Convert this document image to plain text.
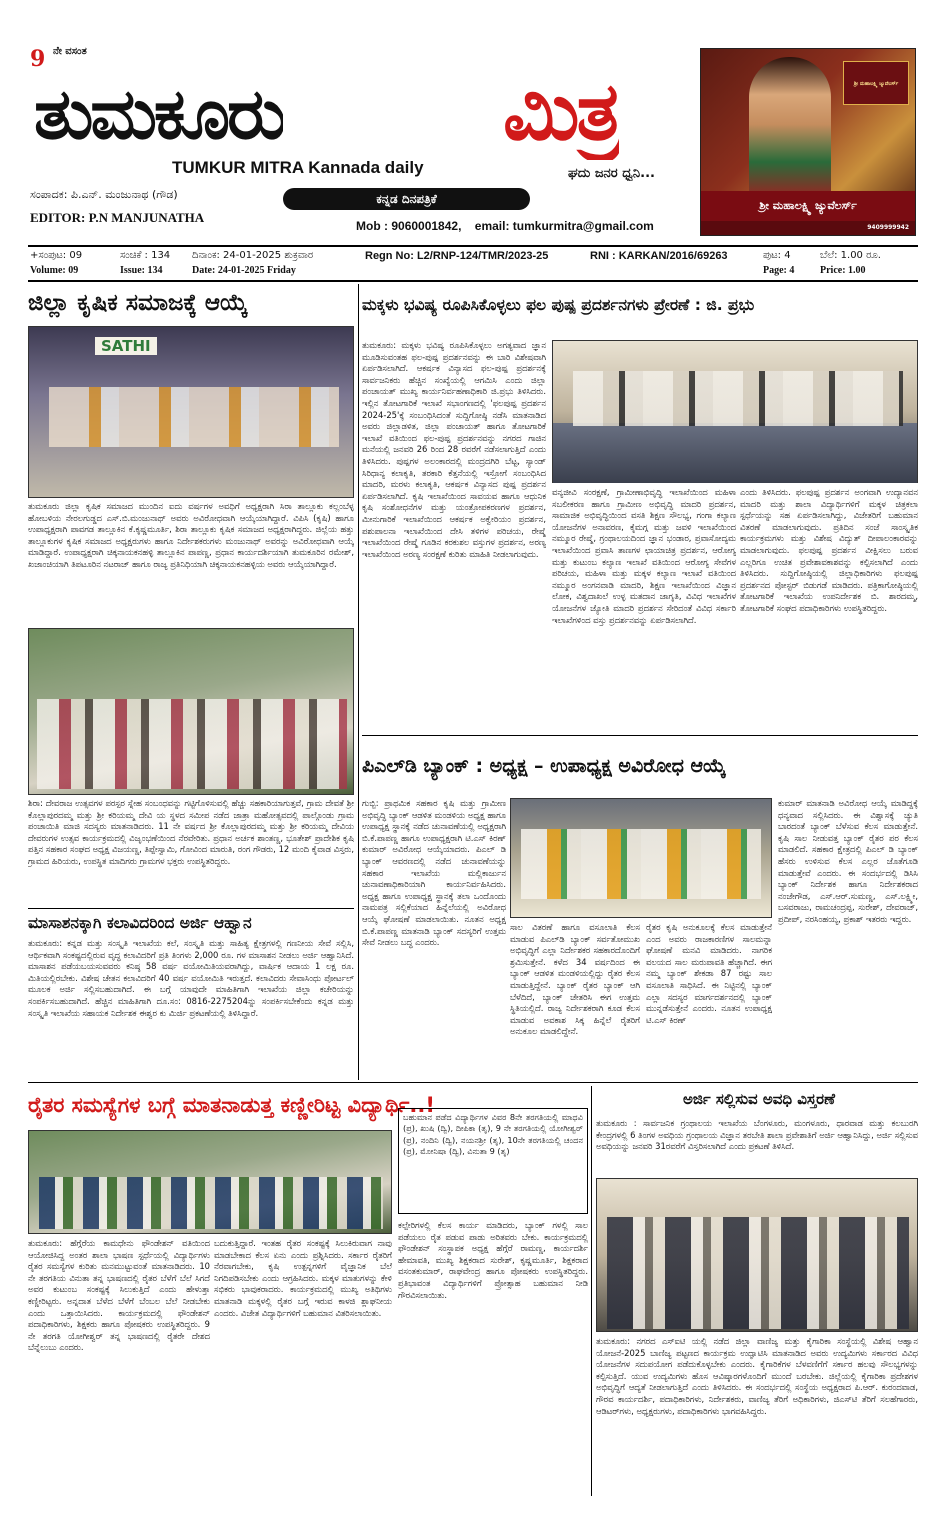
9 $^{ನೇ ವಸಂತ}$
ತುಮಕೂರು	ಮಿತ್ರ
TUMKUR MITRA Kannada daily	ಘದು ಜನರ ಧ್ವನಿ...
ಸಂಪಾದಕ: ಪಿ.ಎನ್. ಮಂಜುನಾಥ (ಗೌಡ)	ಕನ್ನಡ ದಿನಪತ್ರಿಕೆ
EDITOR: P.N MANJUNATHA
Mob : 9060001842, email: tumkurmitra@gmail.com
ಶ್ರೀ ಮಹಾಲಕ್ಷ್ಮಿ ಜ್ಯುವೆಲರ್ಸ್
ಶ್ರೀ ಮಹಾಲಕ್ಷ್ಮಿ ಜ್ಯುವೆಲರ್ಸ್
9409999942
+ಸಂಪುಟ: 09	ಸಂಚಿಕೆ : 134 ದಿನಾಂಕ: 24-01-2025 ಶುಕ್ರವಾರ	Regn No: L2/RNP-124/TMR/2023-25	RNI : KARKAN/2016/69263	ಪುಟ: 4	ಬೆಲೆ: 1.00 ರೂ.
Volume: 09	Issue: 134	Date: 24-01-2025 Friday	Page: 4	Price: 1.00
ಜಿಲ್ಲಾ ಕೃಷಿಕ ಸಮಾಜಕ್ಕೆ ಆಯ್ಕೆ
SATHI
ತುಮಕೂರು ಜಿಲ್ಲಾ ಕೃಷಿಕ ಸಮಾಜದ ಮುಂದಿನ ಐದು ವರ್ಷಗಳ ಅವಧಿಗೆ ಅಧ್ಯಕ್ಷರಾಗಿ ಸಿರಾ ತಾಲ್ಲೂಕು ಕಲ್ಲಂಬೆಳ್ಳ ಹೋಬಳಿಯ ನೇರಲಗುಡ್ಡದ ಎಸ್.ಬಿ.ಮಂಜುನಾಥ್ ಅವರು ಅವಿರೋಧವಾಗಿ ಆಯ್ಕೆಯಾಗಿದ್ದಾರೆ. ವಿಪಿಸಿ (ಕೃಷಿ) ಹಾಗೂ ಉಪಾಧ್ಯಕ್ಷರಾಗಿ ಪಾವಗಡ ತಾಲ್ಲೂಕಿನ ಕೆ.ಕೃಷ್ಣಮೂರ್ತಿ, ಶಿರಾ ತಾಲ್ಲೂಕು ಕೃಷಿಕ ಸಮಾಜದ ಅಧ್ಯಕ್ಷರಾಗಿದ್ದರು. ಜಿಲ್ಲೆಯ ಹತ್ತು ತಾಲ್ಲೂಕುಗಳ ಕೃಷಿಕ ಸಮಾಜದ ಅಧ್ಯಕ್ಷರುಗಳು ಹಾಗೂ ನಿರ್ದೇಶಕರುಗಳು ಮಂಜುನಾಥ್ ಅವರನ್ನು ಅವಿರೋಧವಾಗಿ ಆಯ್ಕೆ ಮಾಡಿದ್ದಾರೆ. ಉಪಾಧ್ಯಕ್ಷರಾಗಿ ಚಿಕ್ಕನಾಯಕನಹಳ್ಳಿ ತಾಲ್ಲೂಕಿನ ಪಾಪಣ್ಣ, ಪ್ರಧಾನ ಕಾರ್ಯದರ್ಶಿಯಾಗಿ ತುಮಕೂರಿನ ರಮೇಶ್, ಖಜಾಂಚಿಯಾಗಿ ತಿಪಟೂರಿನ ನಟರಾಜ್ ಹಾಗೂ ರಾಜ್ಯ ಪ್ರತಿನಿಧಿಯಾಗಿ ಚಿಕ್ಕನಾಯಕನಹಳ್ಳಿಯ ಅವರು ಆಯ್ಕೆಯಾಗಿದ್ದಾರೆ.
ಶಿರಾ: ದೇವರಾಜ ಉತ್ಸವಗಳ ಪರಸ್ಪರ ಸ್ನೇಹ ಸಂಬಂಧವನ್ನು ಗಟ್ಟಿಗೊಳಿಸುವಲ್ಲಿ ಹೆಚ್ಚು ಸಹಕಾರಿಯಾಗುತ್ತವೆ, ಗ್ರಾಮ ದೇವತೆ ಶ್ರೀ ಕೊಲ್ಲಾಪುರದಮ್ಮ ಮತ್ತು ಶ್ರೀ ಕರಿಯಮ್ಮ ದೇವಿ ಯ ಸ್ಥಳದ ಸಮೀಪ ನಡೆದ ಜಾತ್ರಾ ಮಹೋತ್ಸವದಲ್ಲಿ ಪಾಲ್ಗೊಂಡು ಗ್ರಾಮ ಪಂಚಾಯಿತಿ ಮಾಜಿ ಸದಸ್ಯರು ಮಾತನಾಡಿದರು. 11 ನೇ ವರ್ಷದ ಶ್ರೀ ಕೊಲ್ಲಾಪುರದಮ್ಮ ಮತ್ತು ಶ್ರೀ ಕರಿಯಮ್ಮ ದೇವಿಯ ದೇವರುಗಳ ಉತ್ಸವ ಕಾರ್ಯಕ್ರಮದಲ್ಲಿ ವಿಜೃಂಭಣೆಯಿಂದ ನೆರವೇರಿತು. ಪ್ರಧಾನ ಅರ್ಚಕ ಶಾಂತಣ್ಣ, ಭೂತೇಶ್ ಪ್ರಾದೇಶಿಕ ಕೃಷಿ ಪತ್ತಿನ ಸಹಕಾರ ಸಂಘದ ಅಧ್ಯಕ್ಷ ವಿಜಯಣ್ಣ, ತಿಪ್ಪೇಸ್ವಾಮಿ, ಗೋವಿಂದ ಮಾರುತಿ, ರಂಗ ಗೌಡರು, 12 ಮಂದಿ ಕೈವಾಡ ವಿಸ್ತರು, ಗ್ರಾಮದ ಹಿರಿಯರು, ಉಪಸ್ಥಿತ ಮಾದಿಗರು ಗ್ರಾಮಗಳ ಭಕ್ತರು ಉಪಸ್ಥಿತರಿದ್ದರು.
ಮಾಸಾಶನಕ್ಕಾಗಿ ಕಲಾವಿದರಿಂದ ಅರ್ಜಿ ಆಹ್ವಾನ
ತುಮಕೂರು: ಕನ್ನಡ ಮತ್ತು ಸಂಸ್ಕೃತಿ ಇಲಾಖೆಯ ಕಲೆ, ಸಂಸ್ಕೃತಿ ಮತ್ತು ಸಾಹಿತ್ಯ ಕ್ಷೇತ್ರಗಳಲ್ಲಿ ಗಣನೀಯ ಸೇವೆ ಸಲ್ಲಿಸಿ, ಆರ್ಥಿಕವಾಗಿ ಸಂಕಷ್ಟದಲ್ಲಿರುವ ವೃದ್ಧ ಕಲಾವಿದರಿಗೆ ಪ್ರತಿ ತಿಂಗಳು 2,000 ರೂ. ಗಳ ಮಾಸಾಶನ ನೀಡಲು ಅರ್ಜಿ ಆಹ್ವಾನಿಸಿದೆ. ಮಾಸಾಶನ ಪಡೆಯಬಯಸುವವರು ಕನಿಷ್ಠ 58 ವರ್ಷ ವಯೋಮಿತಿಯವರಾಗಿದ್ದು, ವಾರ್ಷಿಕ ಆದಾಯ 1 ಲಕ್ಷ ರೂ. ಮಿತಿಯಲ್ಲಿರಬೇಕು. ವಿಶೇಷ ಚೇತನ ಕಲಾವಿದರಿಗೆ 40 ವರ್ಷ ವಯೋಮಿತಿ ಇರುತ್ತದೆ. ಕಲಾವಿದರು ಸೇವಾಸಿಂಧು ಪೋರ್ಟಲ್ ಮೂಲಕ ಅರ್ಜಿ ಸಲ್ಲಿಸಬಹುದಾಗಿದೆ. ಈ ಬಗ್ಗೆ ಯಾವುದೇ ಮಾಹಿತಿಗಾಗಿ ಇಲಾಖೆಯ ಜಿಲ್ಲಾ ಕಚೇರಿಯನ್ನು ಸಂಪರ್ಕಿಸಬಹುದಾಗಿದೆ. ಹೆಚ್ಚಿನ ಮಾಹಿತಿಗಾಗಿ ದೂ.ಸಂ: 0816-2275204ನ್ನು ಸಂಪರ್ಕಿಸಬೇಕೆಂದು ಕನ್ನಡ ಮತ್ತು ಸಂಸ್ಕೃತಿ ಇಲಾಖೆಯ ಸಹಾಯಕ ನಿರ್ದೇಶಕ ಈಶ್ವರ ಕು ಮಿರ್ಜಿ ಪ್ರಕಟಣೆಯಲ್ಲಿ ತಿಳಿಸಿದ್ದಾರೆ.
ಮಕ್ಕಳು ಭವಿಷ್ಯ ರೂಪಿಸಿಕೊಳ್ಳಲು ಫಲ ಪುಷ್ಪ ಪ್ರದರ್ಶನಗಳು ಪ್ರೇರಣೆ : ಜಿ. ಪ್ರಭು
ತುಮಕೂರು: ಮಕ್ಕಳು ಭವಿಷ್ಯ ರೂಪಿಸಿಕೊಳ್ಳಲು ಅಗತ್ಯವಾದ ಜ್ಞಾನ ಮೂಡಿಸುವಂತಹ ಫಲ-ಪುಷ್ಪ ಪ್ರದರ್ಶನವನ್ನು ಈ ಬಾರಿ ವಿಶೇಷವಾಗಿ ಏರ್ಪಡಿಸಲಾಗಿದೆ. ಆಕರ್ಷಕ ವಿನ್ಯಾಸದ ಫಲ-ಪುಷ್ಪ ಪ್ರದರ್ಶನಕ್ಕೆ ಸಾರ್ವಜನಿಕರು ಹೆಚ್ಚಿನ ಸಂಖ್ಯೆಯಲ್ಲಿ ಆಗಮಿಸಿ ಎಂದು ಜಿಲ್ಲಾ ಪಂಚಾಯತ್ ಮುಖ್ಯ ಕಾರ್ಯನಿರ್ವಹಣಾಧಿಕಾರಿ ಜಿ.ಪ್ರಭು ತಿಳಿಸಿದರು. ಇಲ್ಲಿನ ತೋಟಗಾರಿಕೆ ಇಲಾಖೆ ಸಭಾಂಗಣದಲ್ಲಿ 'ಫಲಪುಷ್ಪ ಪ್ರದರ್ಶನ 2024-25'ಕ್ಕೆ ಸಂಬಂಧಿಸಿದಂತೆ ಸುದ್ದಿಗೋಷ್ಠಿ ನಡೆಸಿ ಮಾತನಾಡಿದ ಅವರು ಜಿಲ್ಲಾಡಳಿತ, ಜಿಲ್ಲಾ ಪಂಚಾಯತ್ ಹಾಗೂ ತೋಟಗಾರಿಕೆ ಇಲಾಖೆ ವತಿಯಿಂದ ಫಲ-ಪುಷ್ಪ ಪ್ರದರ್ಶನವನ್ನು ನಗರದ ಗಾಜಿನ ಮನೆಯಲ್ಲಿ ಜನವರಿ 26 ರಿಂದ 28 ರವರೆಗೆ ನಡೆಸಲಾಗುತ್ತಿದೆ ಎಂದು ತಿಳಿಸಿದರು. ಪುಷ್ಪಗಳ ಅಲಂಕಾರದಲ್ಲಿ ಮಂದ್ರದಗಿರಿ ಬೆಟ್ಟ, ಸ್ಯಾಂಡ್ ಸಿರಿಧಾನ್ಯ ಕಲಾಕೃತಿ, ತರಕಾರಿ ಕೆತ್ತನೆಯಲ್ಲಿ ಇಸ್ರೋಗೆ ಸಂಬಂಧಿಸಿದ ಮಾದರಿ, ಮರಳು ಕಲಾಕೃತಿ, ಆಕರ್ಷಕ ವಿನ್ಯಾಸದ ಪುಷ್ಪ ಪ್ರದರ್ಶನ ಏರ್ಪಡಿಸಲಾಗಿದೆ. ಕೃಷಿ ಇಲಾಖೆಯಿಂದ ಸಾವಯವ ಹಾಗೂ ಆಧುನಿಕ ಕೃಷಿ ಸಂಶೋಧನೆಗಳ ಮತ್ತು ಯಂತ್ರೋಪಕರಣಗಳ ಪ್ರದರ್ಶನ, ಮೀನುಗಾರಿಕೆ ಇಲಾಖೆಯಿಂದ ಆಕರ್ಷಕ ಅಕ್ವೇರಿಯಂ ಪ್ರದರ್ಶನ, ಪಶುಪಾಲನಾ ಇಲಾಖೆಯಿಂದ ದೇಸಿ ತಳಿಗಳ ಪರಿಚಯ, ರೇಷ್ಮೆ ಇಲಾಖೆಯಿಂದ ರೇಷ್ಮೆ ಗೂಡಿನ ಕರಕುಶಲ ವಸ್ತುಗಳ ಪ್ರದರ್ಶನ, ಅರಣ್ಯ ಇಲಾಖೆಯಿಂದ ಅರಣ್ಯ ಸಂರಕ್ಷಣೆ ಕುರಿತು ಮಾಹಿತಿ ನೀಡಲಾಗುವುದು.
ವನ್ಯಜೀವಿ ಸಂರಕ್ಷಣೆ, ಗ್ರಾಮೀಣಾಭಿವೃದ್ಧಿ ಇಲಾಖೆಯಿಂದ ಮಹಿಳಾ ಸಬಲೀಕರಣ ಹಾಗೂ ಗ್ರಾಮೀಣ ಅಭಿವೃದ್ಧಿ ಮಾದರಿ ಪ್ರದರ್ಶನ, ಸಾಮಾಜಿಕ ಅಭಿವೃದ್ಧಿಯಿಂದ ವಸತಿ ಶಿಕ್ಷಣ ಸೌಲಭ್ಯ, ಗಂಗಾ ಕಲ್ಯಾಣ ಯೋಜನೆಗಳ ಅನಾವರಣ, ಕೈಮಗ್ಗ ಮತ್ತು ಜವಳಿ ಇಲಾಖೆಯಿಂದ ನಮ್ಮೂರ ರೇಷ್ಮೆ, ಗ್ರಂಥಾಲಯದಿಂದ ಜ್ಞಾನ ಭಂಡಾರ, ಪ್ರವಾಸೋದ್ಯಮ ಇಲಾಖೆಯಿಂದ ಪ್ರವಾಸಿ ತಾಣಗಳ ಛಾಯಾಚಿತ್ರ ಪ್ರದರ್ಶನ, ಆರೋಗ್ಯ ಮತ್ತು ಕುಟುಂಬ ಕಲ್ಯಾಣ ಇಲಾಖೆ ವತಿಯಿಂದ ಆರೋಗ್ಯ ಸೇವೆಗಳ ಪರಿಚಯ, ಮಹಿಳಾ ಮತ್ತು ಮಕ್ಕಳ ಕಲ್ಯಾಣ ಇಲಾಖೆ ವತಿಯಿಂದ ನಮ್ಮೂರ ಅಂಗನವಾಡಿ ಮಾದರಿ, ಶಿಕ್ಷಣ ಇಲಾಖೆಯಿಂದ ವಿಜ್ಞಾನ ಲೋಕ, ವಿಶ್ವದಾಖಲೆ ಉಳ್ಳ ಮತದಾನ ಜಾಗೃತಿ, ವಿವಿಧ ಇಲಾಖೆಗಳ ಯೋಜನೆಗಳ ಜ್ಯೋತಿ ಮಾದರಿ ಪ್ರದರ್ಶನ ಸೇರಿದಂತೆ ವಿವಿಧ ಸರ್ಕಾರಿ ಇಲಾಖೆಗಳಿಂದ ವಸ್ತು ಪ್ರದರ್ಶನವನ್ನು ಏರ್ಪಡಿಸಲಾಗಿದೆ.
ಎಂದು ತಿಳಿಸಿದರು. ಫಲಪುಷ್ಪ ಪ್ರದರ್ಶನ ಅಂಗವಾಗಿ ಉದ್ಯಾನವನ ಮಾದರಿ ಮತ್ತು ಶಾಲಾ ವಿದ್ಯಾರ್ಥಿಗಳಿಗೆ ಮಕ್ಕಳ ಚಿತ್ರಕಲಾ ಸ್ಪರ್ಧೆಯನ್ನು ಸಹ ಏರ್ಪಡಿಸಲಾಗಿದ್ದು, ವಿಜೇತರಿಗೆ ಬಹುಮಾನ ವಿತರಣೆ ಮಾಡಲಾಗುವುದು. ಪ್ರತಿದಿನ ಸಂಜೆ ಸಾಂಸ್ಕೃತಿಕ ಕಾರ್ಯಕ್ರಮಗಳು ಮತ್ತು ವಿಶೇಷ ವಿದ್ಯುತ್ ದೀಪಾಲಂಕಾರವನ್ನು ಮಾಡಲಾಗುವುದು. ಫಲಪುಷ್ಪ ಪ್ರದರ್ಶನ ವೀಕ್ಷಿಸಲು ಬರುವ ಎಲ್ಲರಿಗೂ ಉಚಿತ ಪ್ರವೇಶಾವಕಾಶವನ್ನು ಕಲ್ಪಿಸಲಾಗಿದೆ ಎಂದು ತಿಳಿಸಿದರು. ಸುದ್ದಿಗೋಷ್ಠಿಯಲ್ಲಿ ಜಿಲ್ಲಾಧಿಕಾರಿಗಳು ಫಲಪುಷ್ಪ ಪ್ರದರ್ಶನದ ಪೋಸ್ಟರ್ ಬಿಡುಗಡೆ ಮಾಡಿದರು. ಪತ್ರಿಕಾಗೋಷ್ಠಿಯಲ್ಲಿ ತೋಟಗಾರಿಕೆ ಇಲಾಖೆಯ ಉಪನಿರ್ದೇಶಕ ಬಿ. ಶಾರದಮ್ಮ, ತೋಟಗಾರಿಕೆ ಸಂಘದ ಪದಾಧಿಕಾರಿಗಳು ಉಪಸ್ಥಿತರಿದ್ದರು.
ಪಿಎಲ್‌ಡಿ ಬ್ಯಾಂಕ್ : ಅಧ್ಯಕ್ಷ – ಉಪಾಧ್ಯಕ್ಷ ಅವಿರೋಧ ಆಯ್ಕೆ
ಗುಬ್ಬಿ: ಪ್ರಾಥಮಿಕ ಸಹಕಾರ ಕೃಷಿ ಮತ್ತು ಗ್ರಾಮೀಣ ಅಭಿವೃದ್ಧಿ ಬ್ಯಾಂಕ್ ಆಡಳಿತ ಮಂಡಳಿಯ ಅಧ್ಯಕ್ಷ ಹಾಗೂ ಉಪಾಧ್ಯಕ್ಷ ಸ್ಥಾನಕ್ಕೆ ನಡೆದ ಚುನಾವಣೆಯಲ್ಲಿ ಅಧ್ಯಕ್ಷರಾಗಿ ಬಿ.ಕೆ.ಪಾಪಣ್ಣ ಹಾಗೂ ಉಪಾಧ್ಯಕ್ಷರಾಗಿ ಟಿ.ಎಸ್ ಕಿರಣ್ ಕುಮಾರ್ ಅವಿರೋಧ ಆಯ್ಕೆಯಾದರು. ಪಿಎಲ್ ಡಿ ಬ್ಯಾಂಕ್ ಆವರಣದಲ್ಲಿ ನಡೆದ ಚುನಾವಣೆಯನ್ನು ಸಹಕಾರ ಇಲಾಖೆಯ ಮಲ್ಲಿಕಾರ್ಜುನ ಚುನಾವಣಾಧಿಕಾರಿಯಾಗಿ ಕಾರ್ಯನಿರ್ವಹಿಸಿದರು. ಅಧ್ಯಕ್ಷ ಹಾಗೂ ಉಪಾಧ್ಯಕ್ಷ ಸ್ಥಾನಕ್ಕೆ ತಲಾ ಒಂದೊಂದು ನಾಮಪತ್ರ ಸಲ್ಲಿಕೆಯಾದ ಹಿನ್ನೆಲೆಯಲ್ಲಿ ಅವಿರೋಧ ಆಯ್ಕೆ ಘೋಷಣೆ ಮಾಡಲಾಯಿತು. ನೂತನ ಅಧ್ಯಕ್ಷ ಬಿ.ಕೆ.ಪಾಪಣ್ಣ ಮಾತನಾಡಿ ಬ್ಯಾಂಕ್ ಸದಸ್ಯರಿಗೆ ಉತ್ತಮ ಸೇವೆ ನೀಡಲು ಬದ್ಧ ಎಂದರು.
ಸಾಲ ವಿತರಣೆ ಹಾಗೂ ವಸೂಲಾತಿ ಕೆಲಸ ಮಾಡುವ ಪಿಎಲ್‌ಡಿ ಬ್ಯಾಂಕ್ ಸರ್ವತೋಮುಖ ಅಭಿವೃದ್ಧಿಗೆ ಎಲ್ಲಾ ನಿರ್ದೇಶಕರ ಸಹಕಾರದೊಂದಿಗೆ ಶ್ರಮಿಸುತ್ತೇನೆ. ಕಳೆದ 34 ವರ್ಷದಿಂದ ಈ ಬ್ಯಾಂಕ್ ಆಡಳಿತ ಮಂಡಳಿಯಲ್ಲಿದ್ದು ರೈತರ ಕೆಲಸ ಮಾಡುತ್ತಿದ್ದೇನೆ. ಬ್ಯಾಂಕ್ ರೈತರ ಬ್ಯಾಂಕ್ ಆಗಿ ಬೆಳೆದಿದೆ, ಬ್ಯಾಂಕ್ ಚೇತರಿಸಿ ಈಗ ಉತ್ತಮ ಸ್ಥಿತಿಯಲ್ಲಿದೆ. ರಾಜ್ಯ ನಿರ್ದೇಶಕರಾಗಿ ಕೂಡ ಕೆಲಸ ಮಾಡುವ ಅವಕಾಶ ಸಿಕ್ಕ ಹಿನ್ನೆಲೆ ರೈತರಿಗೆ ಅನುಕೂಲ ಮಾಡಲಿದ್ದೇನೆ.
ರೈತರ ಕೃಷಿ ಅನುಕೂಲಕ್ಕೆ ಕೆಲಸ ಮಾಡುತ್ತೇನೆ ಎಂದ ಅವರು ರಾಜಕಾರಣಿಗಳ ಸಾಲಮನ್ನಾ ಘೋಷಣೆ ಮನವಿ ಮಾಡಿದರು. ನಾಗರಿಕ ವಲಯದ ಸಾಲ ಮರುಪಾವತಿ ಹೆಚ್ಚಾಗಿದೆ. ಈಗ ನಮ್ಮ ಬ್ಯಾಂಕ್ ಶೇಕಡಾ 87 ರಷ್ಟು ಸಾಲ ವಸೂಲಾತಿ ಸಾಧಿಸಿದೆ. ಈ ನಿಟ್ಟಿನಲ್ಲಿ ಬ್ಯಾಂಕ್ ಎಲ್ಲಾ ಸದಸ್ಯರ ಮಾರ್ಗದರ್ಶನದಲ್ಲಿ ಬ್ಯಾಂಕ್ ಮುನ್ನಡೆಸುತ್ತೇನೆ ಎಂದರು. ನೂತನ ಉಪಾಧ್ಯಕ್ಷ ಟಿ.ಎಸ್ ಕಿರಣ್
ಕುಮಾರ್ ಮಾತನಾಡಿ ಅವಿರೋಧ ಆಯ್ಕೆ ಮಾಡಿದ್ದಕ್ಕೆ ಧನ್ಯವಾದ ಸಲ್ಲಿಸಿದರು. ಈ ವಿಶ್ವಾಸಕ್ಕೆ ಚ್ಯುತಿ ಬಾರದಂತೆ ಬ್ಯಾಂಕ್ ಬೆಳೆಸುವ ಕೆಲಸ ಮಾಡುತ್ತೇನೆ. ಕೃಷಿ ಸಾಲ ನೀಡುವತ್ತ ಬ್ಯಾಂಕ್ ರೈತರ ಪರ ಕೆಲಸ ಮಾಡಲಿದೆ. ಸಹಕಾರ ಕ್ಷೇತ್ರದಲ್ಲಿ ಪಿಎಲ್ ಡಿ ಬ್ಯಾಂಕ್ ಹೆಸರು ಉಳಿಸುವ ಕೆಲಸ ಎಲ್ಲರ ಜೊತೆಗೂಡಿ ಮಾಡುತ್ತೇವೆ ಎಂದರು. ಈ ಸಂದರ್ಭದಲ್ಲಿ ಡಿಸಿಸಿ ಬ್ಯಾಂಕ್ ನಿರ್ದೇಶಕ ಹಾಗೂ ನಿರ್ದೇಶಕರಾದ ನಂಜೇಗೌಡ, ಎಸ್.ಆರ್.ಸುಮಣ್ಣ, ಎಸ್.ಲಕ್ಷ್ಮೀ, ಬಸವರಾಜು, ರಾಮಚಂದ್ರಪ್ಪ, ಸುರೇಶ್, ದೇವರಾಜ್, ಪ್ರದೀಪ್, ನರಸಿಂಹಯ್ಯ, ಪ್ರಕಾಶ್ ಇತರರು ಇದ್ದರು.
ರೈತರ ಸಮಸ್ಯೆಗಳ ಬಗ್ಗೆ ಮಾತನಾಡುತ್ತ ಕಣ್ಣೀರಿಟ್ಟ ವಿದ್ಯಾರ್ಥಿ..!
ಬಹುಮಾನ ಪಡೆದ ವಿದ್ಯಾರ್ಥಿಗಳ ವಿವರ 8ನೇ ತರಗತಿಯಲ್ಲಿ ಮಾಧವಿ (ಪ್ರ), ಖುಷಿ (ದ್ವಿ), ದೀಪಿಕಾ (ತೃ), 9 ನೇ ತರಗತಿಯಲ್ಲಿ ಯೋಗೀಶ್ವರ್ (ಪ್ರ), ನಂದಿನಿ (ದ್ವಿ), ನಯನಶ್ರೀ (ತೃ), 10ನೇ ತರಗತಿಯಲ್ಲಿ ಚಂದನ (ಪ್ರ), ಮೋನಿಷಾ (ದ್ವಿ), ವಿನುತಾ 9 (ತೃ)
ತುಮಕೂರು: ಹೆಗ್ಗೆರೆಯ ಕಾಮಧೇನು ಫೌಂಡೇಶನ್ ವತಿಯಿಂದ ಆಯೋಜಿಸಿದ್ದ ಅಂತರ ಶಾಲಾ ಭಾಷಣ ಸ್ಪರ್ಧೆಯಲ್ಲಿ ವಿದ್ಯಾರ್ಥಿಗಳು ರೈತರ ಸಮಸ್ಯೆಗಳ ಕುರಿತು ಮನಮುಟ್ಟುವಂತೆ ಮಾತನಾಡಿದರು. 10 ನೇ ತರಗತಿಯ ವಿನುತಾ ತನ್ನ ಭಾಷಣದಲ್ಲಿ ರೈತರ ಬೆಳೆಗೆ ಬೆಲೆ ಸಿಗದೆ ಅವರ ಕುಟುಂಬ ಸಂಕಷ್ಟಕ್ಕೆ ಸಿಲುಕುತ್ತಿದೆ ಎಂದು ಹೇಳುತ್ತಾ ಕಣ್ಣೀರಿಟ್ಟರು. ಅನ್ನದಾತ ಬೆಳೆದ ಬೆಳೆಗೆ ಬೆಂಬಲ ಬೆಲೆ ನೀಡಬೇಕು ಎಂದು ಒತ್ತಾಯಿಸಿದರು. ಕಾರ್ಯಕ್ರಮದಲ್ಲಿ ಫೌಂಡೇಶನ್ ಪದಾಧಿಕಾರಿಗಳು, ಶಿಕ್ಷಕರು ಹಾಗೂ ಪೋಷಕರು ಉಪಸ್ಥಿತರಿದ್ದರು. 9 ನೇ ತರಗತಿ ಯೋಗೀಶ್ವರ್ ತನ್ನ ಭಾಷಣದಲ್ಲಿ ರೈತರೇ ದೇಶದ ಬೆನ್ನೆಲುಬು ಎಂದರು.
ಬದುಕುತ್ತಿದ್ದಾರೆ. ಇಂತಹ ರೈತರ ಸಂಕಷ್ಟಕ್ಕೆ ಸಿಲುಕಿರುವಾಗ ನಾವು ಮಾಡಬೇಕಾದ ಕೆಲಸ ಏನು ಎಂದು ಪ್ರಶ್ನಿಸಿದರು. ಸರ್ಕಾರ ರೈತರಿಗೆ ನೆರವಾಗಬೇಕು, ಕೃಷಿ ಉತ್ಪನ್ನಗಳಿಗೆ ವೈಜ್ಞಾನಿಕ ಬೆಲೆ ನಿಗದಿಪಡಿಸಬೇಕು ಎಂದು ಆಗ್ರಹಿಸಿದರು. ಮಕ್ಕಳ ಮಾತುಗಳನ್ನು ಕೇಳಿ ಸಭಿಕರು ಭಾವುಕರಾದರು. ಕಾರ್ಯಕ್ರಮದಲ್ಲಿ ಮುಖ್ಯ ಅತಿಥಿಗಳು ಮಾತನಾಡಿ ಮಕ್ಕಳಲ್ಲಿ ರೈತರ ಬಗ್ಗೆ ಇರುವ ಕಾಳಜಿ ಶ್ಲಾಘನೀಯ ಎಂದರು. ವಿಜೇತ ವಿದ್ಯಾರ್ಥಿಗಳಿಗೆ ಬಹುಮಾನ ವಿತರಿಸಲಾಯಿತು.
ಕಲ್ಪೇರಿಗಳಲ್ಲಿ ಕೆಲಸ ಕಾರ್ಯ ಮಾಡಿದರು, ಬ್ಯಾಂಕ್ ಗಳಲ್ಲಿ ಸಾಲ ಪಡೆಯಲು ರೈತ ಪಡುವ ಪಾಡು ಅರಿತವರು ಬೇಕು. ಕಾರ್ಯಕ್ರಮದಲ್ಲಿ ಫೌಂಡೇಶನ್ ಸಂಸ್ಥಾಪಕ ಅಧ್ಯಕ್ಷ ಹೆಗ್ಗೆರೆ ರಾಮಣ್ಣ, ಕಾರ್ಯದರ್ಶಿ ಹೇಮಾವತಿ, ಮುಖ್ಯ ಶಿಕ್ಷಕರಾದ ಸುರೇಶ್, ಕೃಷ್ಣಮೂರ್ತಿ, ಶಿಕ್ಷಕರಾದ ವಸಂತಕುಮಾರ್, ರಾಘವೇಂದ್ರ ಹಾಗೂ ಪೋಷಕರು ಉಪಸ್ಥಿತರಿದ್ದರು. ಪ್ರತಿಭಾವಂತ ವಿದ್ಯಾರ್ಥಿಗಳಿಗೆ ಪ್ರೋತ್ಸಾಹ ಬಹುಮಾನ ನೀಡಿ ಗೌರವಿಸಲಾಯಿತು.
ಅರ್ಜಿ ಸಲ್ಲಿಸುವ ಅವಧಿ ವಿಸ್ತರಣೆ
ತುಮಕೂರು : ಸಾರ್ವಜನಿಕ ಗ್ರಂಥಾಲಯ ಇಲಾಖೆಯ ಬೆಂಗಳೂರು, ಮಂಗಳೂರು, ಧಾರವಾಡ ಮತ್ತು ಕಲಬುರಗಿ ಕೇಂದ್ರಗಳಲ್ಲಿ 6 ತಿಂಗಳ ಅವಧಿಯ ಗ್ರಂಥಾಲಯ ವಿಜ್ಞಾನ ತರಬೇತಿ ಶಾಲಾ ಪ್ರವೇಶಾತಿಗೆ ಅರ್ಜಿ ಆಹ್ವಾನಿಸಿದ್ದು, ಅರ್ಜಿ ಸಲ್ಲಿಸುವ ಅವಧಿಯನ್ನು ಜನವರಿ 31ರವರೆಗೆ ವಿಸ್ತರಿಸಲಾಗಿದೆ ಎಂದು ಪ್ರಕಟಣೆ ತಿಳಿಸಿದೆ.
ತುಮಕೂರು: ನಗರದ ಎಸ್‌ಐಟಿ ಯಲ್ಲಿ ನಡೆದ ಜಿಲ್ಲಾ ವಾಣಿಜ್ಯ ಮತ್ತು ಕೈಗಾರಿಕಾ ಸಂಸ್ಥೆಯಲ್ಲಿ ವಿಶೇಷ ಆಹ್ವಾನ ಯೋಜನೆ-2025 ಬಾಣಿಜ್ಯ ಪಟ್ಟಣದ ಕಾರ್ಯಕ್ರಮ ಉದ್ಘಾಟಿಸಿ ಮಾತನಾಡಿದ ಅವರು ಉದ್ಯಮಿಗಳು ಸರ್ಕಾರದ ವಿವಿಧ ಯೋಜನೆಗಳ ಸದುಪಯೋಗ ಪಡೆದುಕೊಳ್ಳಬೇಕು ಎಂದರು. ಕೈಗಾರಿಕೆಗಳ ಬೆಳವಣಿಗೆಗೆ ಸರ್ಕಾರ ಹಲವು ಸೌಲಭ್ಯಗಳನ್ನು ಕಲ್ಪಿಸುತ್ತಿದೆ. ಯುವ ಉದ್ಯಮಿಗಳು ಹೊಸ ಆವಿಷ್ಕಾರಗಳೊಂದಿಗೆ ಮುಂದೆ ಬರಬೇಕು. ಜಿಲ್ಲೆಯಲ್ಲಿ ಕೈಗಾರಿಕಾ ಪ್ರದೇಶಗಳ ಅಭಿವೃದ್ಧಿಗೆ ಆದ್ಯತೆ ನೀಡಲಾಗುತ್ತಿದೆ ಎಂದು ತಿಳಿಸಿದರು. ಈ ಸಂದರ್ಭದಲ್ಲಿ ಸಂಸ್ಥೆಯ ಅಧ್ಯಕ್ಷರಾದ ಪಿ.ಆರ್. ಕುರಂದವಾಡ, ಗೌರವ ಕಾರ್ಯದರ್ಶಿ, ಪದಾಧಿಕಾರಿಗಳು, ನಿರ್ದೇಶಕರು, ವಾಣಿಜ್ಯ ತೆರಿಗೆ ಅಧಿಕಾರಿಗಳು, ಜಿಎಸ್‌ಟಿ ತೆರಿಗೆ ಸಲಹೆಗಾರರು, ಆಡಿಟರ್‌ಗಳು, ಅಧ್ಯಕ್ಷರುಗಳು, ಪದಾಧಿಕಾರಿಗಳು ಭಾಗವಹಿಸಿದ್ದರು.
